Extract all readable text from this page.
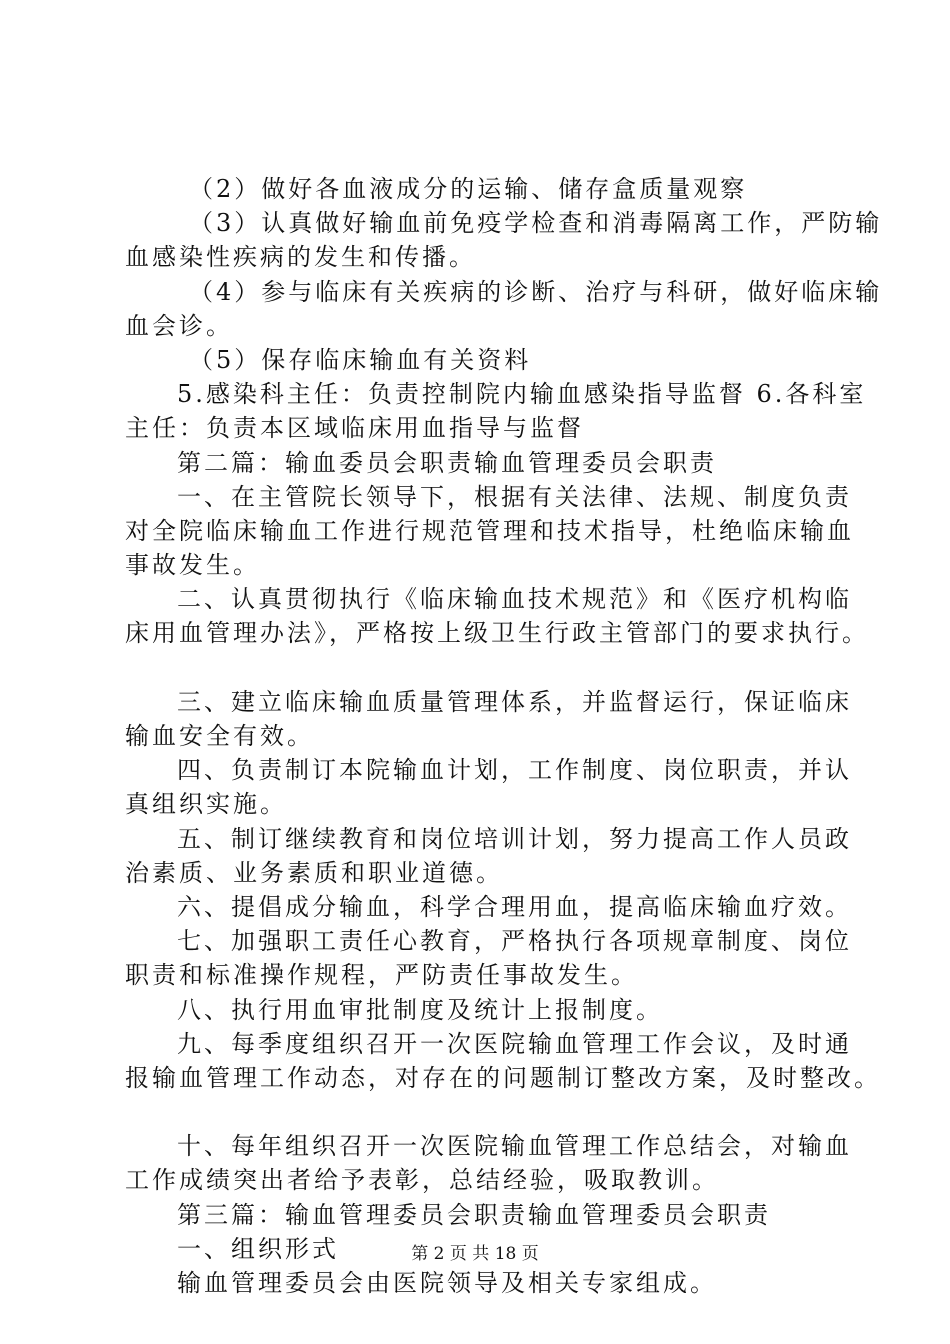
（2）做好各血液成分的运输、储存盒质量观察
（3）认真做好输血前免疫学检查和消毒隔离工作，严防输
血感染性疾病的发生和传播。
（4）参与临床有关疾病的诊断、治疗与科研，做好临床输
血会诊。
（5）保存临床输血有关资料
5.感染科主任：负责控制院内输血感染指导监督 6.各科室
主任：负责本区域临床用血指导与监督
第二篇：输血委员会职责输血管理委员会职责
一、在主管院长领导下，根据有关法律、法规、制度负责
对全院临床输血工作进行规范管理和技术指导，杜绝临床输血
事故发生。
二、认真贯彻执行《临床输血技术规范》和《医疗机构临
床用血管理办法》，严格按上级卫生行政主管部门的要求执行。
三、建立临床输血质量管理体系，并监督运行，保证临床
输血安全有效。
四、负责制订本院输血计划，工作制度、岗位职责，并认
真组织实施。
五、制订继续教育和岗位培训计划，努力提高工作人员政
治素质、业务素质和职业道德。
六、提倡成分输血，科学合理用血，提高临床输血疗效。
七、加强职工责任心教育，严格执行各项规章制度、岗位
职责和标准操作规程，严防责任事故发生。
八、执行用血审批制度及统计上报制度。
九、每季度组织召开一次医院输血管理工作会议，及时通
报输血管理工作动态，对存在的问题制订整改方案，及时整改。
十、每年组织召开一次医院输血管理工作总结会，对输血
工作成绩突出者给予表彰，总结经验，吸取教训。
第三篇：输血管理委员会职责输血管理委员会职责
一、组织形式
输血管理委员会由医院领导及相关专家组成。
第 2 页 共 18 页
